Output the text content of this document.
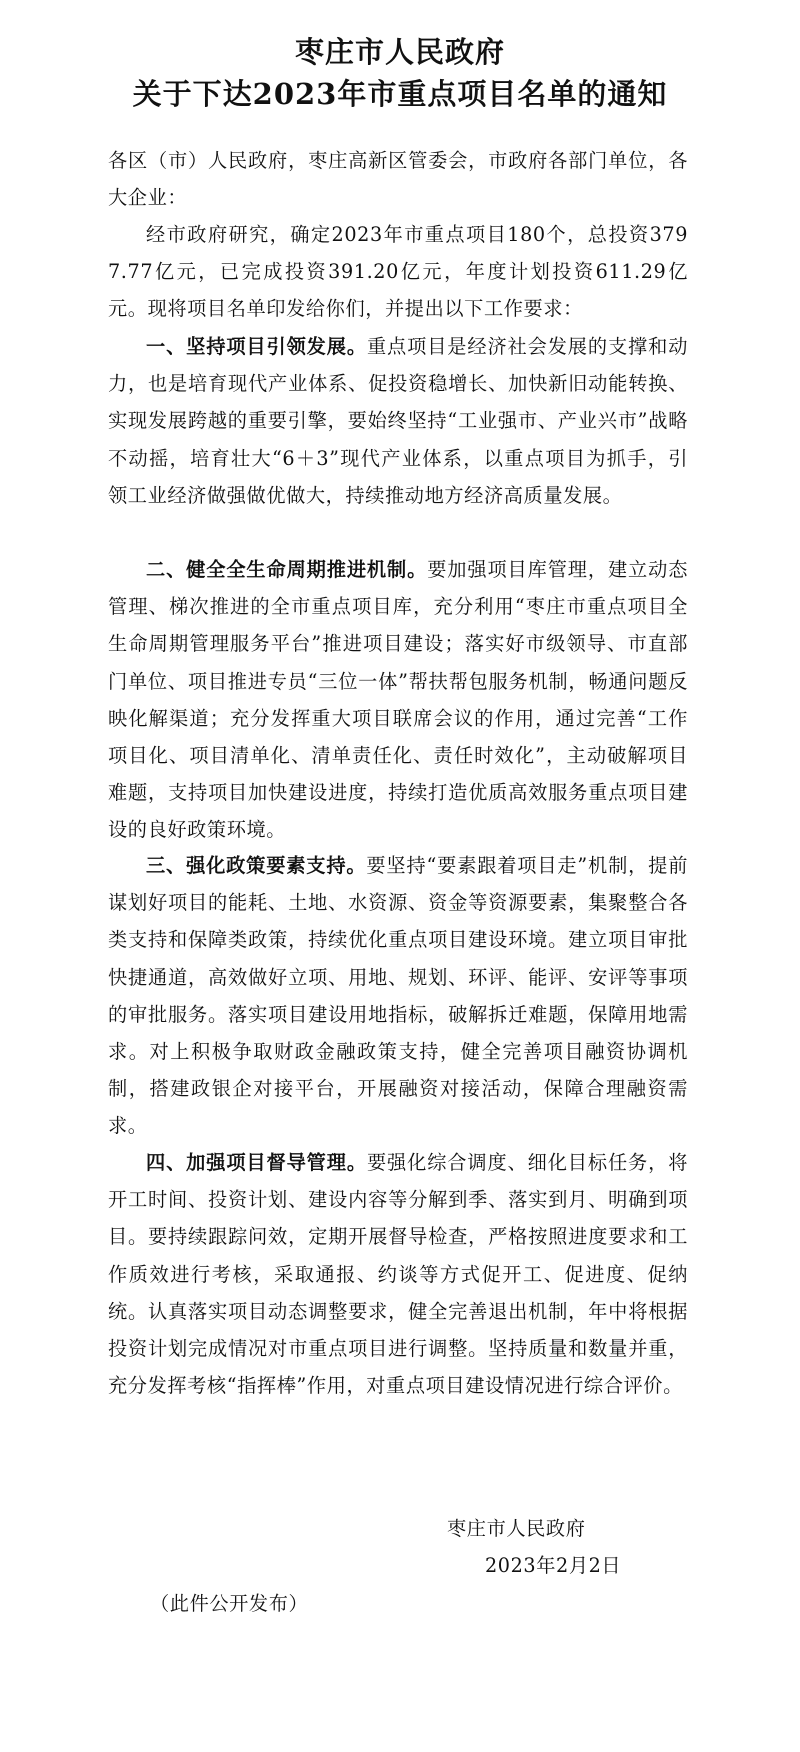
枣庄市人民政府
关于下达2023年市重点项目名单的通知
各区（市）人民政府，枣庄高新区管委会，市政府各部门单位，各大企业：
经市政府研究，确定2023年市重点项目180个，总投资3797.77亿元，已完成投资391.20亿元，年度计划投资611.29亿元。现将项目名单印发给你们，并提出以下工作要求：
一、坚持项目引领发展。重点项目是经济社会发展的支撑和动力，也是培育现代产业体系、促投资稳增长、加快新旧动能转换、实现发展跨越的重要引擎，要始终坚持“工业强市、产业兴市”战略不动摇，培育壮大“6＋3”现代产业体系，以重点项目为抓手，引领工业经济做强做优做大，持续推动地方经济高质量发展。
二、健全全生命周期推进机制。要加强项目库管理，建立动态管理、梯次推进的全市重点项目库，充分利用“枣庄市重点项目全生命周期管理服务平台”推进项目建设；落实好市级领导、市直部门单位、项目推进专员“三位一体”帮扶帮包服务机制，畅通问题反映化解渠道；充分发挥重大项目联席会议的作用，通过完善“工作项目化、项目清单化、清单责任化、责任时效化”，主动破解项目难题，支持项目加快建设进度，持续打造优质高效服务重点项目建设的良好政策环境。
三、强化政策要素支持。要坚持“要素跟着项目走”机制，提前谋划好项目的能耗、土地、水资源、资金等资源要素，集聚整合各类支持和保障类政策，持续优化重点项目建设环境。建立项目审批快捷通道，高效做好立项、用地、规划、环评、能评、安评等事项的审批服务。落实项目建设用地指标，破解拆迁难题，保障用地需求。对上积极争取财政金融政策支持，健全完善项目融资协调机制，搭建政银企对接平台，开展融资对接活动，保障合理融资需求。
四、加强项目督导管理。要强化综合调度、细化目标任务，将开工时间、投资计划、建设内容等分解到季、落实到月、明确到项目。要持续跟踪问效，定期开展督导检查，严格按照进度要求和工作质效进行考核，采取通报、约谈等方式促开工、促进度、促纳统。认真落实项目动态调整要求，健全完善退出机制，年中将根据投资计划完成情况对市重点项目进行调整。坚持质量和数量并重，充分发挥考核“指挥棒”作用，对重点项目建设情况进行综合评价。
枣庄市人民政府
2023年2月2日
（此件公开发布）
